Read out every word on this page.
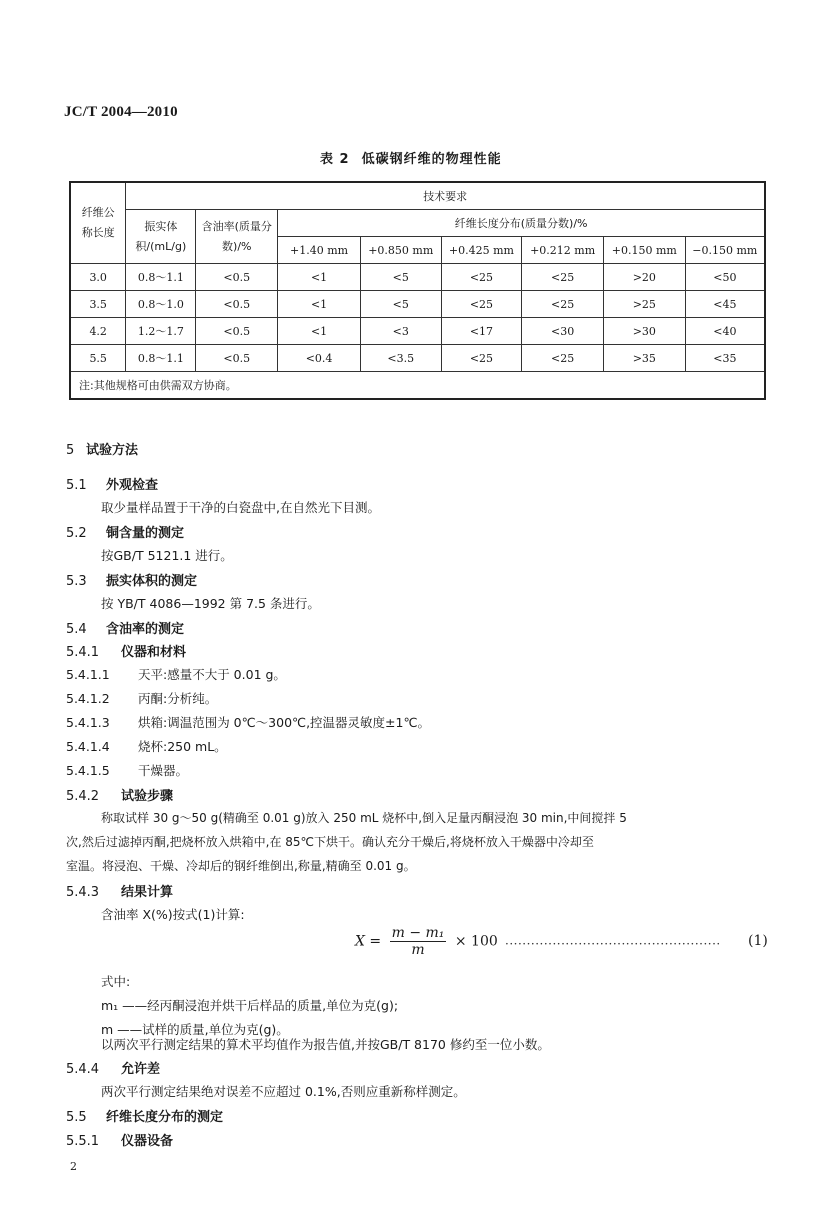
JC/T 2004—2010
表 2 低碳钢纤维的物理性能
纤维公称长度	技术要求							

	振实体积/(mL/g)	含油率(质量分数)/%	纤维长度分布(质量分数)/%					
			+1.40 mm	+0.850 mm	+0.425 mm	+0.212 mm	+0.150 mm	−0.150 mm
3.0	0.8～1.1	<0.5	<1	<5	<25	<25	>20	<50
3.5	0.8～1.0	<0.5	<1	<5	<25	<25	>25	<45
4.2	1.2～1.7	<0.5	<1	<3	<17	<30	>30	<40
5.5	0.8～1.1	<0.5	<0.4	<3.5	<25	<25	>35	<35
注:其他规格可由供需双方协商。								
5 试验方法
5.1 外观检查
取少量样品置于干净的白瓷盘中,在自然光下目测。
5.2 铜含量的测定
按GB/T 5121.1 进行。
5.3 振实体积的测定
按 YB/T 4086—1992 第 7.5 条进行。
5.4 含油率的测定
5.4.1 仪器和材料
5.4.1.1 天平:感量不大于 0.01 g。
5.4.1.2 丙酮:分析纯。
5.4.1.3 烘箱:调温范围为 0℃～300℃,控温器灵敏度±1℃。
5.4.1.4 烧杯:250 mL。
5.4.1.5 干燥器。
5.4.2 试验步骤
称取试样 30 g～50 g(精确至 0.01 g)放入 250 mL 烧杯中,倒入足量丙酮浸泡 30 min,中间搅拌 5
次,然后过滤掉丙酮,把烧杯放入烘箱中,在 85℃下烘干。确认充分干燥后,将烧杯放入干燥器中冷却至
室温。将浸泡、干燥、冷却后的钢纤维倒出,称量,精确至 0.01 g。
5.4.3 结果计算
含油率 X(%)按式(1)计算:
$X = \frac{\text{m − m₁}}{m} \times 100$ ·················································· (1)
式中:
m₁ ——经丙酮浸泡并烘干后样品的质量,单位为克(g);
m ——试样的质量,单位为克(g)。
以两次平行测定结果的算术平均值作为报告值,并按GB/T 8170 修约至一位小数。
5.4.4 允许差
两次平行测定结果绝对误差不应超过 0.1%,否则应重新称样测定。
5.5 纤维长度分布的测定
5.5.1 仪器设备
2
